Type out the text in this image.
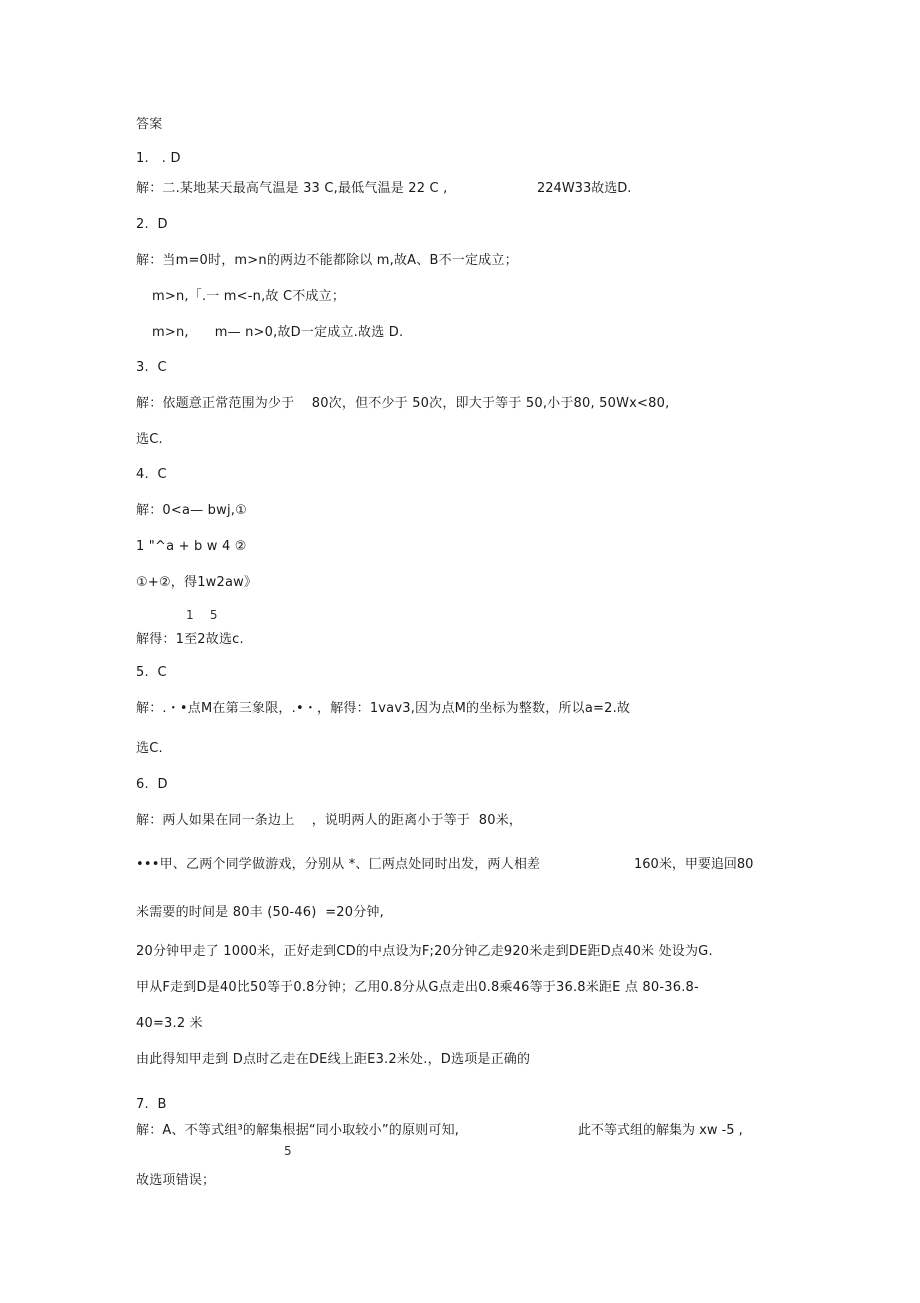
答案
1.   . D
解：二.某地某天最高气温是 33 C,最低气温是 22 C ,	224W33故选D.
2.  D
解：当m=0时，m>n的两边不能都除以 m,故A、B不一定成立；
m>n,「.一 m<-n,故 C不成立；
m>n,      m— n>0,故D一定成立.故选 D.
3.  C
解：依题意正常范围为少于    80次，但不少于 50次，即大于等于 50,小于80, 50Wx<80,
选C.
4.  C
解：0<a— bwj,①
1 "^a + b w 4 ②
①+②，得1w2aw》
1    5
解得：1至2故选c.
5.  C
解：.・•点M在第三象限，.•・，解得：1vav3,因为点M的坐标为整数，所以a=2.故
选C.
6.  D
解：两人如果在同一条边上    ，说明两人的距离小于等于  80米，
•••甲、乙两个同学做游戏，分别从 *、匚两点处同时出发，两人相差	160米，甲要追回80
米需要的时间是 80丰 (50-46)  =20分钟,
20分钟甲走了 1000米，正好走到CD的中点设为F;20分钟乙走920米走到DE距D点40米 处设为G.
甲从F走到D是40比50等于0.8分钟；乙用0.8分从G点走出0.8乘46等于36.8米距E 点 80-36.8-
40=3.2 米
由此得知甲走到 D点时乙走在DE线上距E3.2米处.，D选项是正确的
7.  B
解：A、不等式组³的解集根据“同小取较小”的原则可知,	此不等式组的解集为 xw -5 ,
5
故选项错误；
